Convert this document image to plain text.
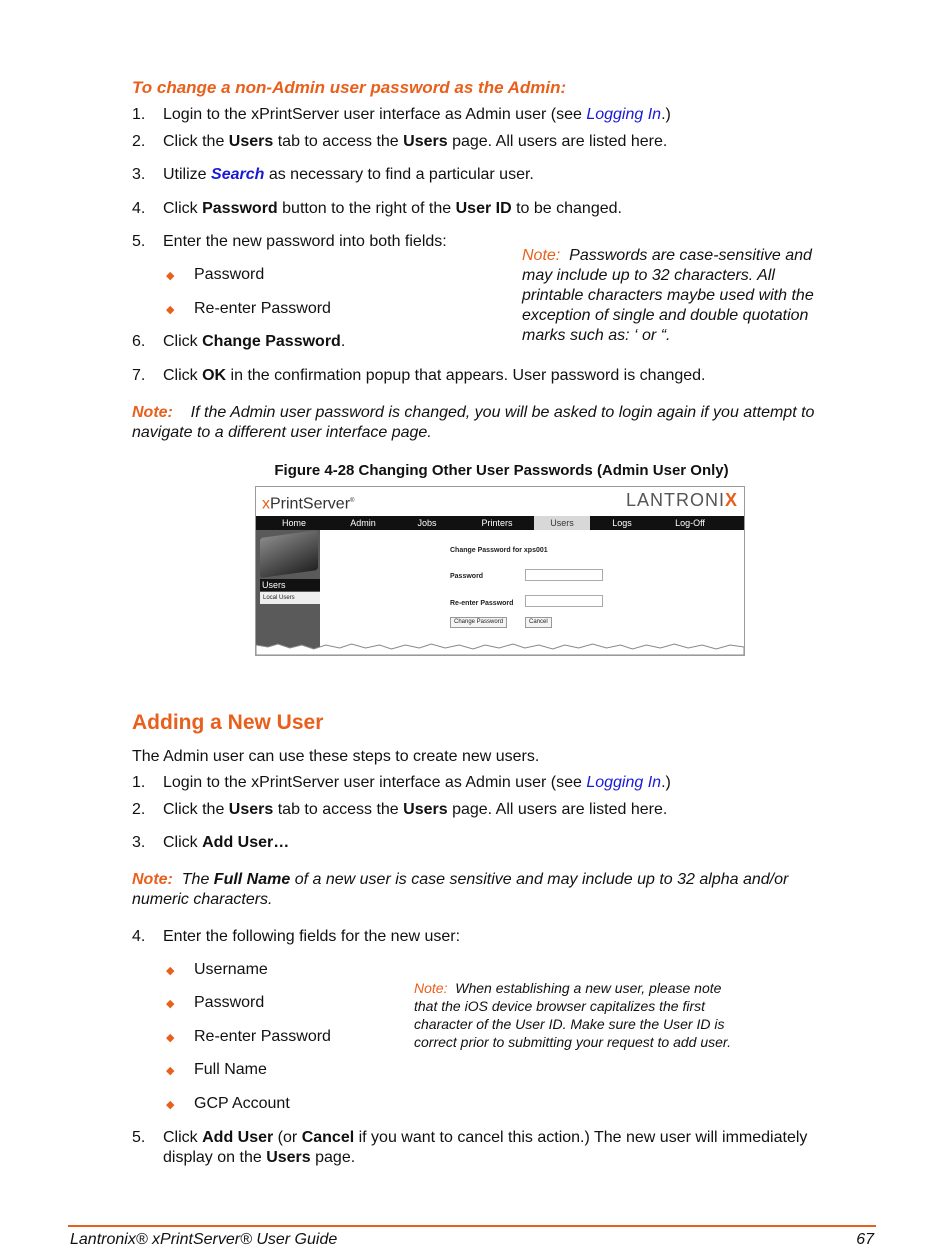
To change a non-Admin user password as the Admin:
1.	Login to the xPrintServer user interface as Admin user (see Logging In.)
2.	Click the Users tab to access the Users page. All users are listed here.
3.	Utilize Search as necessary to find a particular user.
4.	Click Password button to the right of the User ID to be changed.
5.	Enter the new password into both fields:
◆ Password
◆ Re-enter Password
6.	Click Change Password.
Note: Passwords are case-sensitive and
may include up to 32 characters. All
printable characters maybe used with the
exception of single and double quotation
marks such as: ‘ or “.
7.	Click OK in the confirmation popup that appears. User password is changed.
Note: If the Admin user password is changed, you will be asked to login again if you attempt to
navigate to a different user interface page.
Figure 4-28 Changing Other User Passwords (Admin User Only)
xPrintServer®	LANTRONIX
Home	Admin	Jobs	Printers	Users	Logs	Log-Off
Users
Local Users
Change Password for xps001
Password
Re-enter Password
Change Password	Cancel
Adding a New User
The Admin user can use these steps to create new users.
1.	Login to the xPrintServer user interface as Admin user (see Logging In.)
2.	Click the Users tab to access the Users page. All users are listed here.
3.	Click Add User…
Note: The Full Name of a new user is case sensitive and may include up to 32 alpha and/or
numeric characters.
4.	Enter the following fields for the new user:
◆ Username
◆ Password
◆ Re-enter Password
◆ Full Name
◆ GCP Account
Note: When establishing a new user, please note
that the iOS device browser capitalizes the first
character of the User ID. Make sure the User ID is
correct prior to submitting your request to add user.
5.	Click Add User (or Cancel if you want to cancel this action.) The new user will immediately
display on the Users page.
Lantronix® xPrintServer® User Guide	67
